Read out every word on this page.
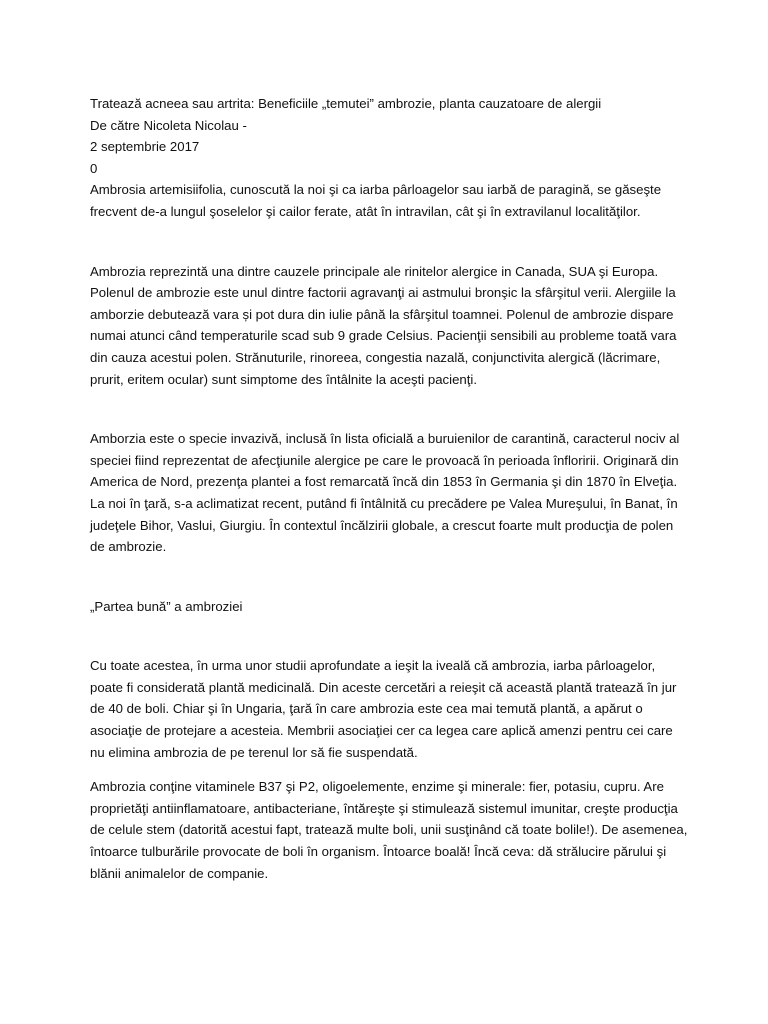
Tratează acneea sau artrita: Beneficiile „temutei” ambrozie, planta cauzatoare de alergii

De către Nicoleta Nicolau -

2 septembrie 2017

0

Ambrosia artemisiifolia, cunoscută la noi şi ca iarba pârloagelor sau iarbă de paragină, se găseşte frecvent de-a lungul şoselelor şi cailor ferate, atât în intravilan, cât şi în extravilanul localităţilor.

Ambrozia reprezintă una dintre cauzele principale ale rinitelor alergice in Canada, SUA şi Europa. Polenul de ambrozie este unul dintre factorii agravanţi ai astmului bronşic la sfârşitul verii. Alergiile la amborzie debutează vara și pot dura din iulie până la sfârşitul toamnei. Polenul de ambrozie dispare numai atunci când temperaturile scad sub 9 grade Celsius. Pacienţii sensibili au probleme toată vara din cauza acestui polen. Strănuturile, rinoreea, congestia nazală, conjunctivita alergică (lăcrimare, prurit, eritem ocular) sunt simptome des întâlnite la aceşti pacienţi.

Amborzia este o specie invazivă, inclusă în lista oficială a buruienilor de carantină, caracterul nociv al speciei fiind reprezentat de afecţiunile alergice pe care le provoacă în perioada înfloririi. Originară din America de Nord, prezenţa plantei a fost remarcată încă din 1853 în Germania şi din 1870 în Elveţia. La noi în ţară, s-a aclimatizat recent, putând fi întâlnită cu precădere pe Valea Mureşului, în Banat, în judeţele Bihor, Vaslui, Giurgiu. În contextul încălzirii globale, a crescut foarte mult producţia de polen de ambrozie.

„Partea bună” a ambroziei

Cu toate acestea, în urma unor studii aprofundate a ieşit la iveală că ambrozia, iarba pârloagelor, poate fi considerată plantă medicinală. Din aceste cercetări a reieşit că această plantă tratează în jur de 40 de boli. Chiar şi în Ungaria, ţară în care ambrozia este cea mai temută plantă, a apărut o asociaţie de protejare a acesteia. Membrii asociaţiei cer ca legea care aplică amenzi pentru cei care nu elimina ambrozia de pe terenul lor să fie suspendată.

Ambrozia conţine vitaminele B37 şi P2, oligoelemente, enzime şi minerale: fier, potasiu, cupru. Are proprietăţi antiinflamatoare, antibacteriane, întăreşte şi stimulează sistemul imunitar, creşte producţia de celule stem (datorită acestui fapt, tratează multe boli, unii susţinând că toate bolile!). De asemenea, întoarce tulburările provocate de boli în organism. Întoarce boală! Încă ceva: dă strălucire părului şi blănii animalelor de companie.
